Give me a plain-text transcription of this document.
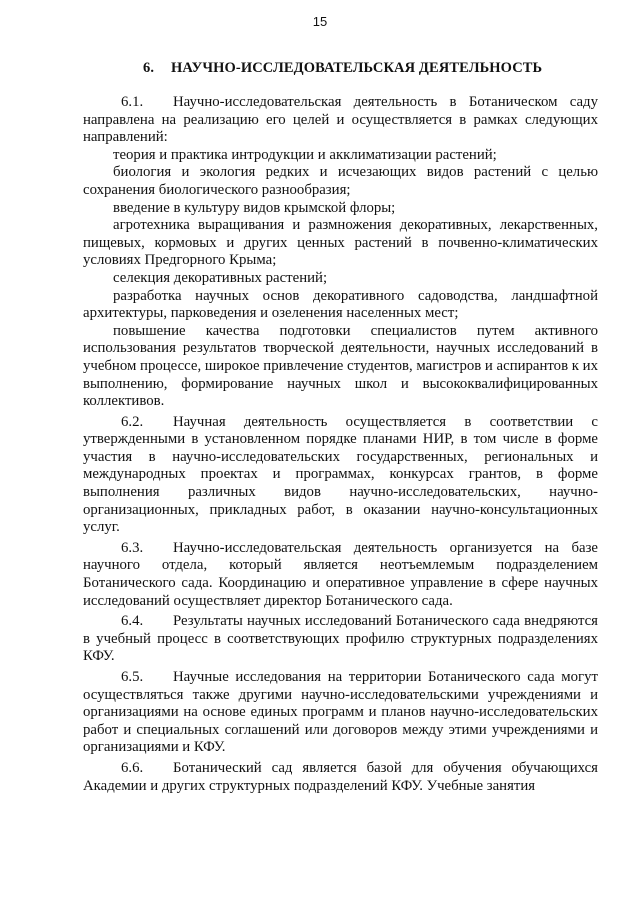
15
6. НАУЧНО-ИССЛЕДОВАТЕЛЬСКАЯ ДЕЯТЕЛЬНОСТЬ

6.1. Научно-исследовательская деятельность в Ботаническом саду направлена на реализацию его целей и осуществляется в рамках следующих направлений:

теория и практика интродукции и акклиматизации растений;

биология и экология редких и исчезающих видов растений с целью сохранения биологического разнообразия;

введение в культуру видов крымской флоры;

агротехника выращивания и размножения декоративных, лекарственных, пищевых, кормовых и других ценных растений в почвенно-климатических условиях Предгорного Крыма;

селекция декоративных растений;

разработка научных основ декоративного садоводства, ландшафтной архитектуры, парковедения и озеленения населенных мест;

повышение качества подготовки специалистов путем активного использования результатов творческой деятельности, научных исследований в учебном процессе, широкое привлечение студентов, магистров и аспирантов к их выполнению, формирование научных школ и высококвалифицированных коллективов.

6.2. Научная деятельность осуществляется в соответствии с утвержденными в установленном порядке планами НИР, в том числе в форме участия в научно-исследовательских государственных, региональных и международных проектах и программах, конкурсах грантов, в форме выполнения различных видов научно-исследовательских, научно-организационных, прикладных работ, в оказании научно-консультационных услуг.

6.3. Научно-исследовательская деятельность организуется на базе научного отдела, который является неотъемлемым подразделением Ботанического сада. Координацию и оперативное управление в сфере научных исследований осуществляет директор Ботанического сада.

6.4. Результаты научных исследований Ботанического сада внедряются в учебный процесс в соответствующих профилю структурных подразделениях КФУ.

6.5. Научные исследования на территории Ботанического сада могут осуществляться также другими научно-исследовательскими учреждениями и организациями на основе единых программ и планов научно-исследовательских работ и специальных соглашений или договоров между этими учреждениями и организациями и КФУ.

6.6. Ботанический сад является базой для обучения обучающихся Академии и других структурных подразделений КФУ. Учебные занятия
